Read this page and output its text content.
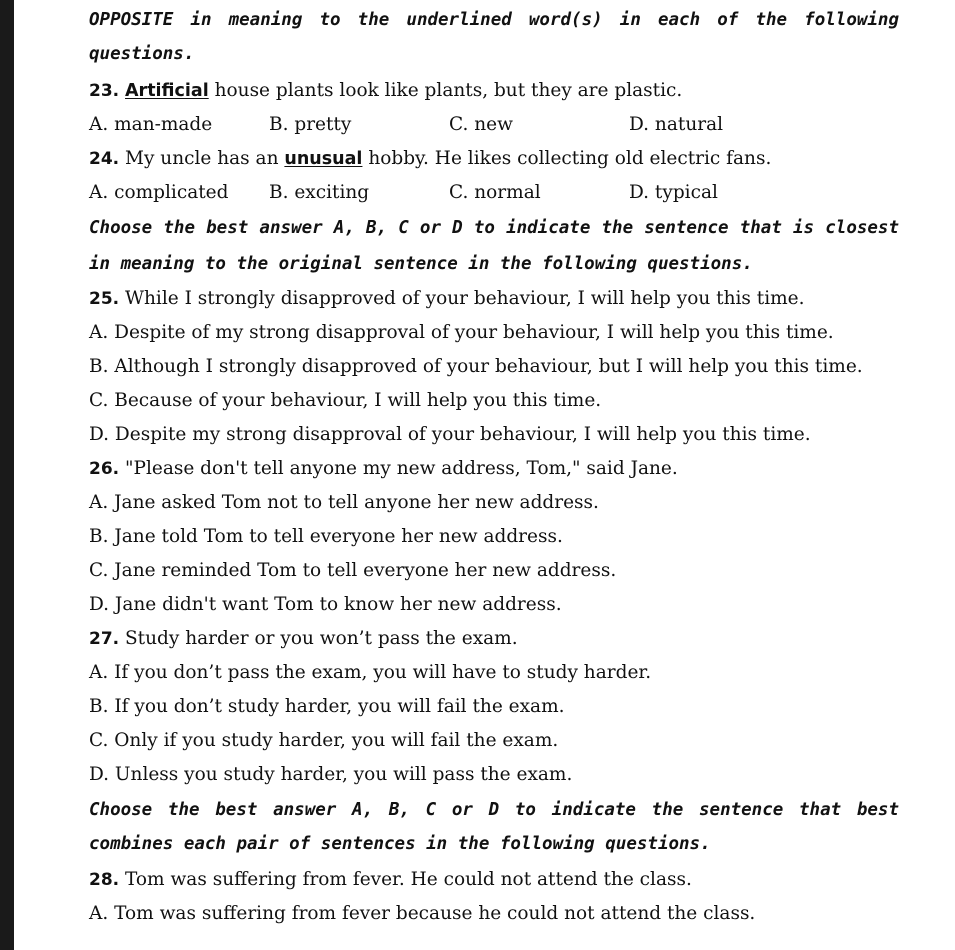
OPPOSITE in meaning to the underlined word(s) in each of the following
questions.
23. Artificial house plants look like plants, but they are plastic.
A. man-made	B. pretty	C. new	D. natural
24. My uncle has an unusual hobby. He likes collecting old electric fans.
A. complicated B. exciting	C. normal	D. typical
Choose the best answer A, B, C or D to indicate the sentence that is closest
in meaning to the original sentence in the following questions.
25. While I strongly disapproved of your behaviour, I will help you this time.
A. Despite of my strong disapproval of your behaviour, I will help you this time.
B. Although I strongly disapproved of your behaviour, but I will help you this time.
C. Because of your behaviour, I will help you this time.
D. Despite my strong disapproval of your behaviour, I will help you this time.
26. "Please don't tell anyone my new address, Tom," said Jane.
A. Jane asked Tom not to tell anyone her new address.
B. Jane told Tom to tell everyone her new address.
C. Jane reminded Tom to tell everyone her new address.
D. Jane didn't want Tom to know her new address.
27. Study harder or you won’t pass the exam.
A. If you don’t pass the exam, you will have to study harder.
B. If you don’t study harder, you will fail the exam.
C. Only if you study harder, you will fail the exam.
D. Unless you study harder, you will pass the exam.
Choose the best answer A, B, C or D to indicate the sentence that best
combines each pair of sentences in the following questions.
28. Tom was suffering from fever. He could not attend the class.
A. Tom was suffering from fever because he could not attend the class.
